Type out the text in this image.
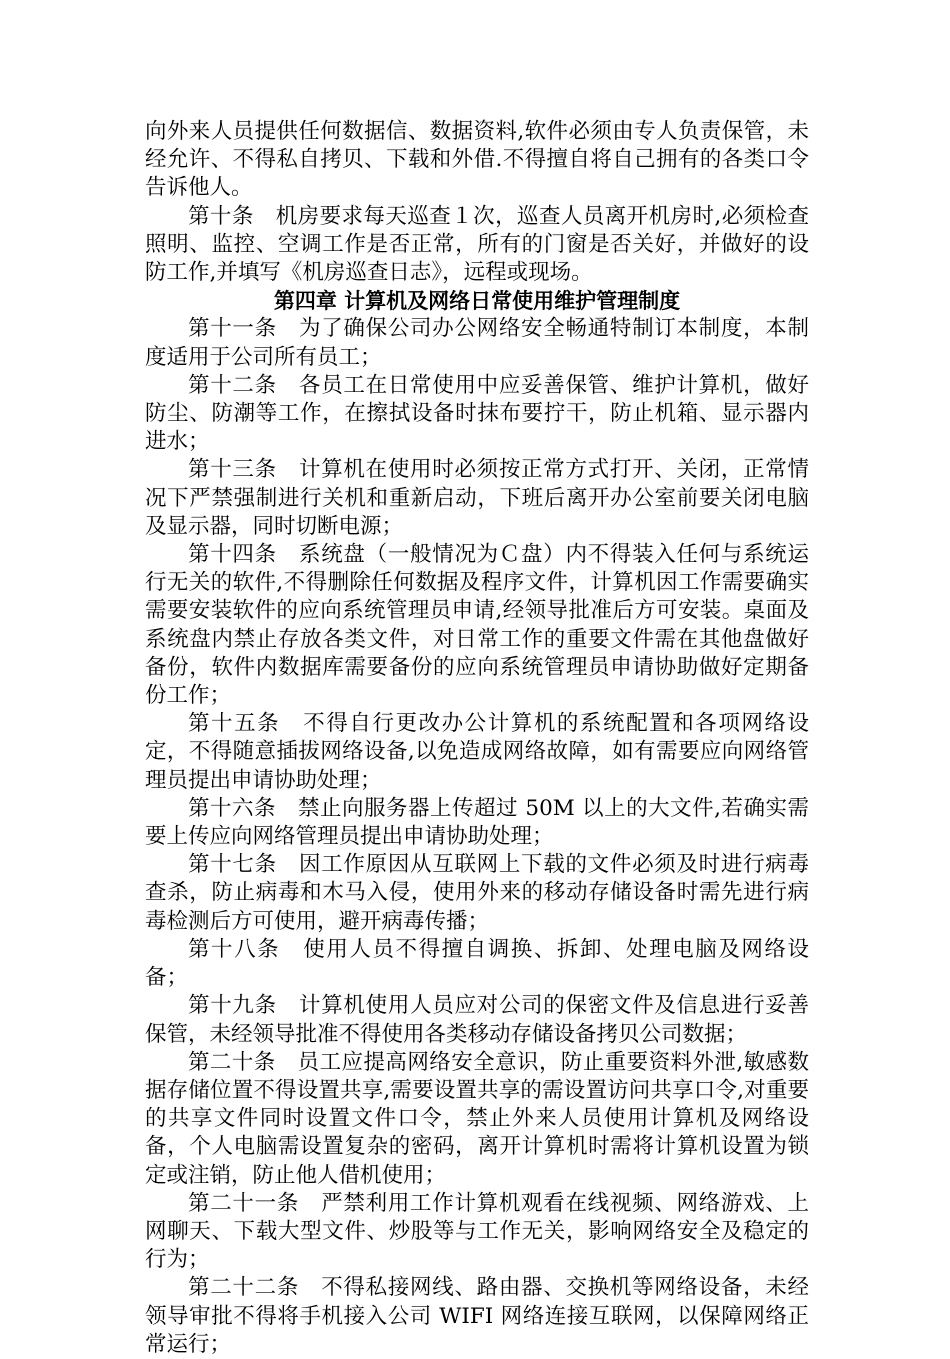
向外来人员提供任何数据信、数据资料,软件必须由专人负责保管，未经允许、不得私自拷贝、下载和外借.不得擅自将自己拥有的各类口令告诉他人。

第十条　机房要求每天巡查１次，巡查人员离开机房时,必须检查照明、监控、空调工作是否正常，所有的门窗是否关好，并做好的设防工作,并填写《机房巡查日志》，远程或现场。

第四章 计算机及网络日常使用维护管理制度

第十一条　为了确保公司办公网络安全畅通特制订本制度，本制度适用于公司所有员工；

第十二条　各员工在日常使用中应妥善保管、维护计算机，做好防尘、防潮等工作，在擦拭设备时抹布要拧干，防止机箱、显示器内进水；

第十三条　计算机在使用时必须按正常方式打开、关闭，正常情况下严禁强制进行关机和重新启动，下班后离开办公室前要关闭电脑及显示器，同时切断电源；

第十四条　系统盘（一般情况为Ｃ盘）内不得装入任何与系统运行无关的软件,不得删除任何数据及程序文件，计算机因工作需要确实需要安装软件的应向系统管理员申请,经领导批准后方可安装。桌面及系统盘内禁止存放各类文件，对日常工作的重要文件需在其他盘做好备份，软件内数据库需要备份的应向系统管理员申请协助做好定期备份工作；

第十五条　不得自行更改办公计算机的系统配置和各项网络设定，不得随意插拔网络设备,以免造成网络故障，如有需要应向网络管理员提出申请协助处理；

第十六条　禁止向服务器上传超过 50M 以上的大文件,若确实需要上传应向网络管理员提出申请协助处理；

第十七条　因工作原因从互联网上下载的文件必须及时进行病毒查杀，防止病毒和木马入侵，使用外来的移动存储设备时需先进行病毒检测后方可使用，避开病毒传播；

第十八条　使用人员不得擅自调换、拆卸、处理电脑及网络设备；

第十九条　计算机使用人员应对公司的保密文件及信息进行妥善保管，未经领导批准不得使用各类移动存储设备拷贝公司数据；

第二十条　员工应提高网络安全意识，防止重要资料外泄,敏感数据存储位置不得设置共享,需要设置共享的需设置访问共享口令,对重要的共享文件同时设置文件口令，禁止外来人员使用计算机及网络设备，个人电脑需设置复杂的密码，离开计算机时需将计算机设置为锁定或注销，防止他人借机使用；

第二十一条　严禁利用工作计算机观看在线视频、网络游戏、上网聊天、下载大型文件、炒股等与工作无关，影响网络安全及稳定的行为；

第二十二条　不得私接网线、路由器、交换机等网络设备，未经领导审批不得将手机接入公司 WIFI 网络连接互联网，以保障网络正常运行；
